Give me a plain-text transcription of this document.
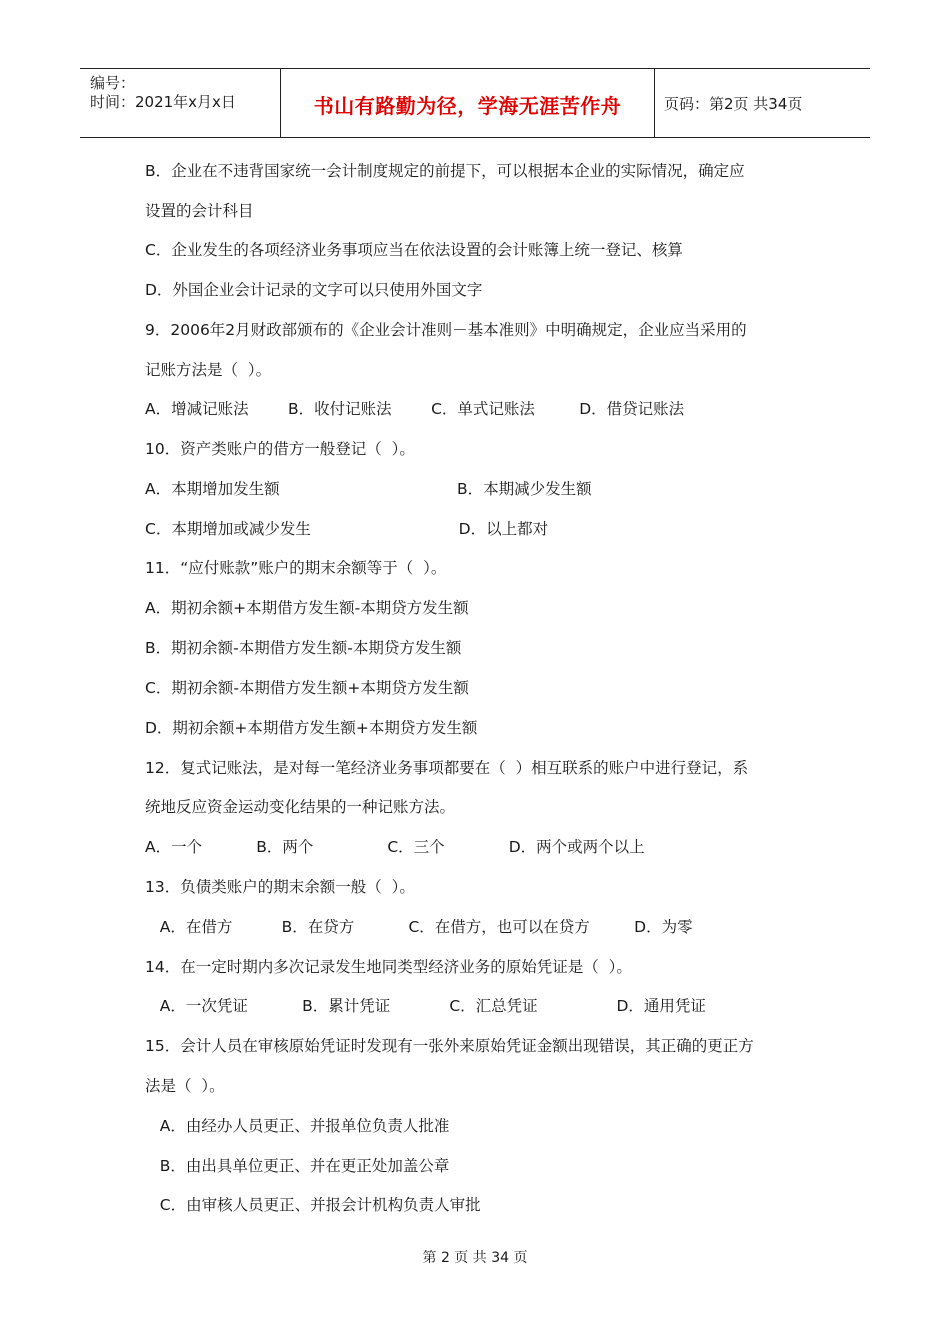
编号：
时间：2021年x月x日	书山有路勤为径，学海无涯苦作舟	页码：第2页 共34页
B．企业在不违背国家统一会计制度规定的前提下，可以根据本企业的实际情况，确定应
设置的会计科目
C．企业发生的各项经济业务事项应当在依法设置的会计账簿上统一登记、核算
D．外国企业会计记录的文字可以只使用外国文字
9．2006年2月财政部颁布的《企业会计准则－基本准则》中明确规定，企业应当采用的
记账方法是（  ）。
A．增减记账法        B．收付记账法        C．单式记账法         D．借贷记账法
10．资产类账户的借方一般登记（  ）。
A．本期增加发生额                                    B．本期减少发生额
C．本期增加或减少发生                              D．以上都对
11．“应付账款”账户的期末余额等于（  ）。
A．期初余额+本期借方发生额-本期贷方发生额
B．期初余额-本期借方发生额-本期贷方发生额
C．期初余额-本期借方发生额+本期贷方发生额
D．期初余额+本期借方发生额+本期贷方发生额
12．复式记账法，是对每一笔经济业务事项都要在（  ）相互联系的账户中进行登记，系
统地反应资金运动变化结果的一种记账方法。
A．一个           B．两个               C．三个             D．两个或两个以上
13．负债类账户的期末余额一般（  ）。
A．在借方          B．在贷方           C．在借方，也可以在贷方         D．为零
14．在一定时期内多次记录发生地同类型经济业务的原始凭证是（  ）。
A．一次凭证           B．累计凭证            C．汇总凭证                D．通用凭证
15．会计人员在审核原始凭证时发现有一张外来原始凭证金额出现错误，其正确的更正方
法是（  ）。
A．由经办人员更正、并报单位负责人批准
B．由出具单位更正、并在更正处加盖公章
C．由审核人员更正、并报会计机构负责人审批
第 2 页 共 34 页
